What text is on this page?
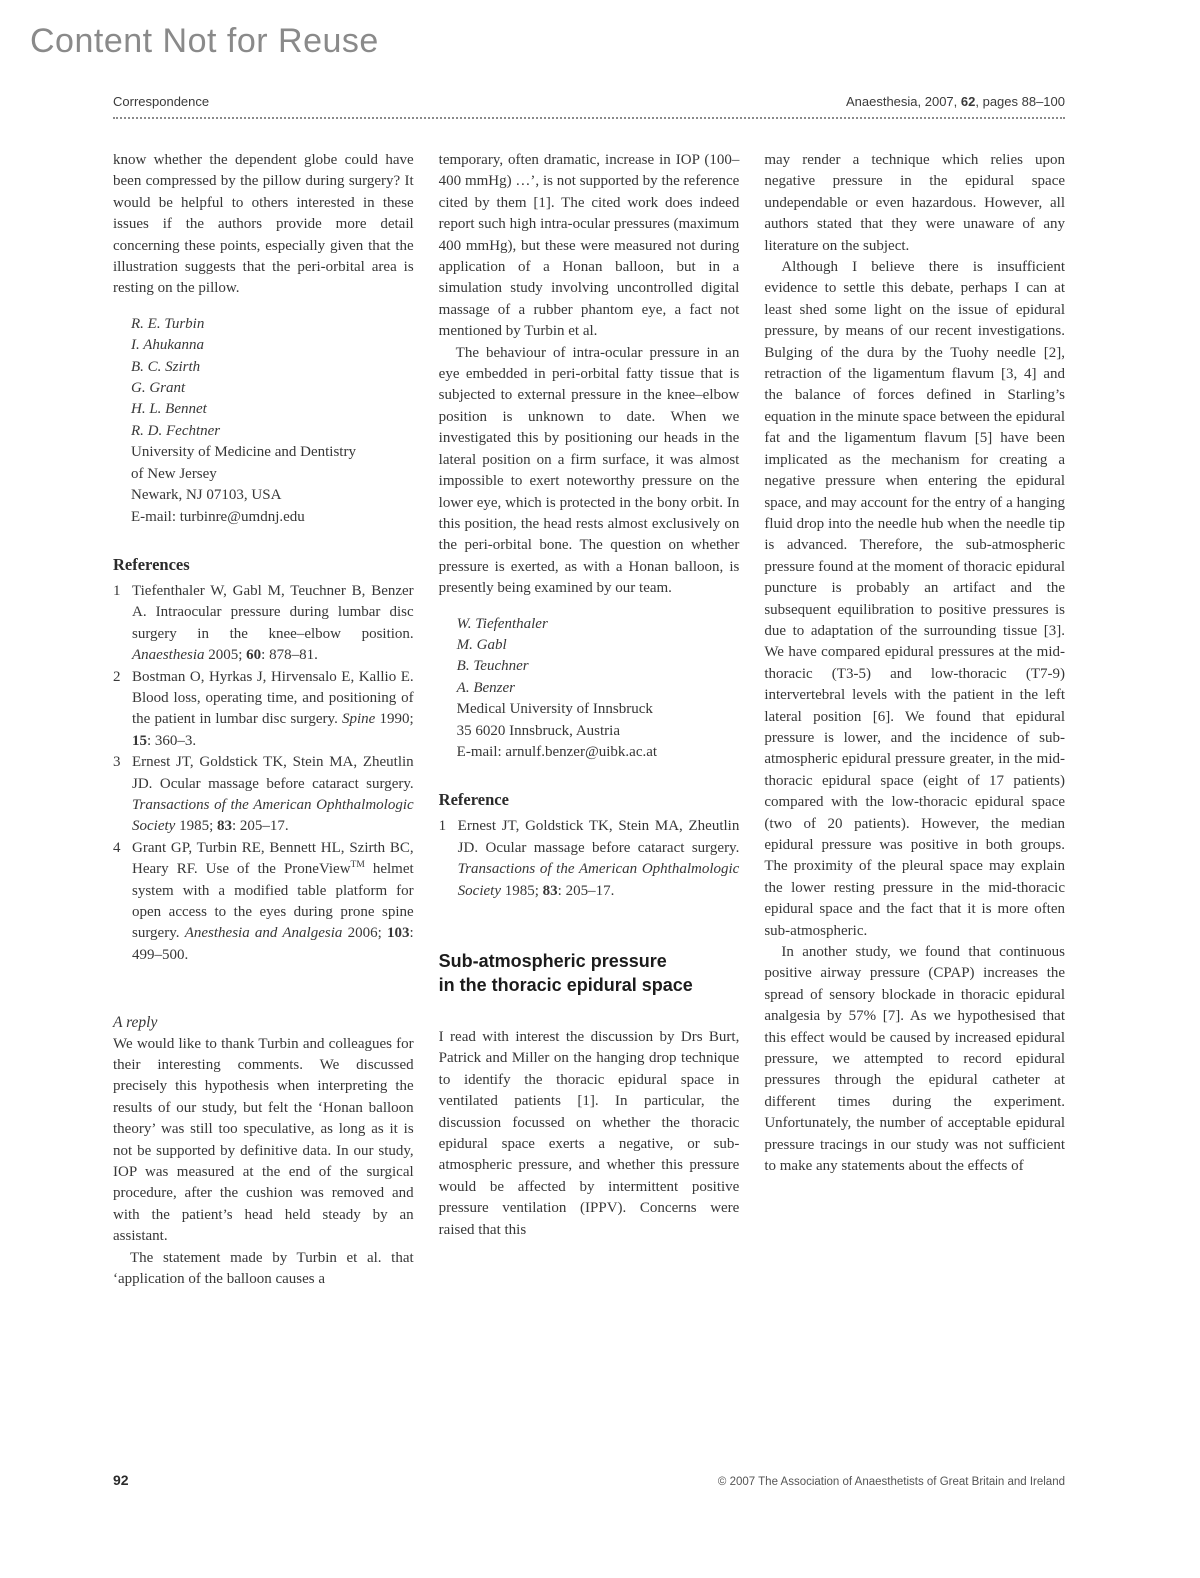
Content Not for Reuse
Correspondence	Anaesthesia, 2007, 62, pages 88–100
know whether the dependent globe could have been compressed by the pillow during surgery? It would be helpful to others interested in these issues if the authors provide more detail concerning these points, especially given that the illustration suggests that the peri-orbital area is resting on the pillow.
R. E. Turbin
I. Ahukanna
B. C. Szirth
G. Grant
H. L. Bennet
R. D. Fechtner
University of Medicine and Dentistry
of New Jersey
Newark, NJ 07103, USA
E-mail: turbinre@umdnj.edu
References
1 Tiefenthaler W, Gabl M, Teuchner B, Benzer A. Intraocular pressure during lumbar disc surgery in the knee–elbow position. Anaesthesia 2005; 60: 878–81.
2 Bostman O, Hyrkas J, Hirvensalo E, Kallio E. Blood loss, operating time, and positioning of the patient in lumbar disc surgery. Spine 1990; 15: 360–3.
3 Ernest JT, Goldstick TK, Stein MA, Zheutlin JD. Ocular massage before cataract surgery. Transactions of the American Ophthalmologic Society 1985; 83: 205–17.
4 Grant GP, Turbin RE, Bennett HL, Szirth BC, Heary RF. Use of the ProneView™ helmet system with a modified table platform for open access to the eyes during prone spine surgery. Anesthesia and Analgesia 2006; 103: 499–500.
A reply
We would like to thank Turbin and colleagues for their interesting comments. We discussed precisely this hypothesis when interpreting the results of our study, but felt the ‘Honan balloon theory’ was still too speculative, as long as it is not be supported by definitive data. In our study, IOP was measured at the end of the surgical procedure, after the cushion was removed and with the patient’s head held steady by an assistant.
The statement made by Turbin et al. that ‘application of the balloon causes a
temporary, often dramatic, increase in IOP (100–400 mmHg) …’, is not supported by the reference cited by them [1]. The cited work does indeed report such high intra-ocular pressures (maximum 400 mmHg), but these were measured not during application of a Honan balloon, but in a simulation study involving uncontrolled digital massage of a rubber phantom eye, a fact not mentioned by Turbin et al.
The behaviour of intra-ocular pressure in an eye embedded in peri-orbital fatty tissue that is subjected to external pressure in the knee–elbow position is unknown to date. When we investigated this by positioning our heads in the lateral position on a firm surface, it was almost impossible to exert noteworthy pressure on the lower eye, which is protected in the bony orbit. In this position, the head rests almost exclusively on the peri-orbital bone. The question on whether pressure is exerted, as with a Honan balloon, is presently being examined by our team.
W. Tiefenthaler
M. Gabl
B. Teuchner
A. Benzer
Medical University of Innsbruck
35 6020 Innsbruck, Austria
E-mail: arnulf.benzer@uibk.ac.at
Reference
1 Ernest JT, Goldstick TK, Stein MA, Zheutlin JD. Ocular massage before cataract surgery. Transactions of the American Ophthalmologic Society 1985; 83: 205–17.
Sub-atmospheric pressure
in the thoracic epidural space
I read with interest the discussion by Drs Burt, Patrick and Miller on the hanging drop technique to identify the thoracic epidural space in ventilated patients [1]. In particular, the discussion focussed on whether the thoracic epidural space exerts a negative, or sub-atmospheric pressure, and whether this pressure would be affected by intermittent positive pressure ventilation (IPPV). Concerns were raised that this
may render a technique which relies upon negative pressure in the epidural space undependable or even hazardous. However, all authors stated that they were unaware of any literature on the subject.
Although I believe there is insufficient evidence to settle this debate, perhaps I can at least shed some light on the issue of epidural pressure, by means of our recent investigations. Bulging of the dura by the Tuohy needle [2], retraction of the ligamentum flavum [3, 4] and the balance of forces defined in Starling’s equation in the minute space between the epidural fat and the ligamentum flavum [5] have been implicated as the mechanism for creating a negative pressure when entering the epidural space, and may account for the entry of a hanging fluid drop into the needle hub when the needle tip is advanced. Therefore, the sub-atmospheric pressure found at the moment of thoracic epidural puncture is probably an artifact and the subsequent equilibration to positive pressures is due to adaptation of the surrounding tissue [3]. We have compared epidural pressures at the mid-thoracic (T3-5) and low-thoracic (T7-9) intervertebral levels with the patient in the left lateral position [6]. We found that epidural pressure is lower, and the incidence of sub-atmospheric epidural pressure greater, in the mid-thoracic epidural space (eight of 17 patients) compared with the low-thoracic epidural space (two of 20 patients). However, the median epidural pressure was positive in both groups. The proximity of the pleural space may explain the lower resting pressure in the mid-thoracic epidural space and the fact that it is more often sub-atmospheric.
In another study, we found that continuous positive airway pressure (CPAP) increases the spread of sensory blockade in thoracic epidural analgesia by 57% [7]. As we hypothesised that this effect would be caused by increased epidural pressure, we attempted to record epidural pressures through the epidural catheter at different times during the experiment. Unfortunately, the number of acceptable epidural pressure tracings in our study was not sufficient to make any statements about the effects of
92	© 2007 The Association of Anaesthetists of Great Britain and Ireland
